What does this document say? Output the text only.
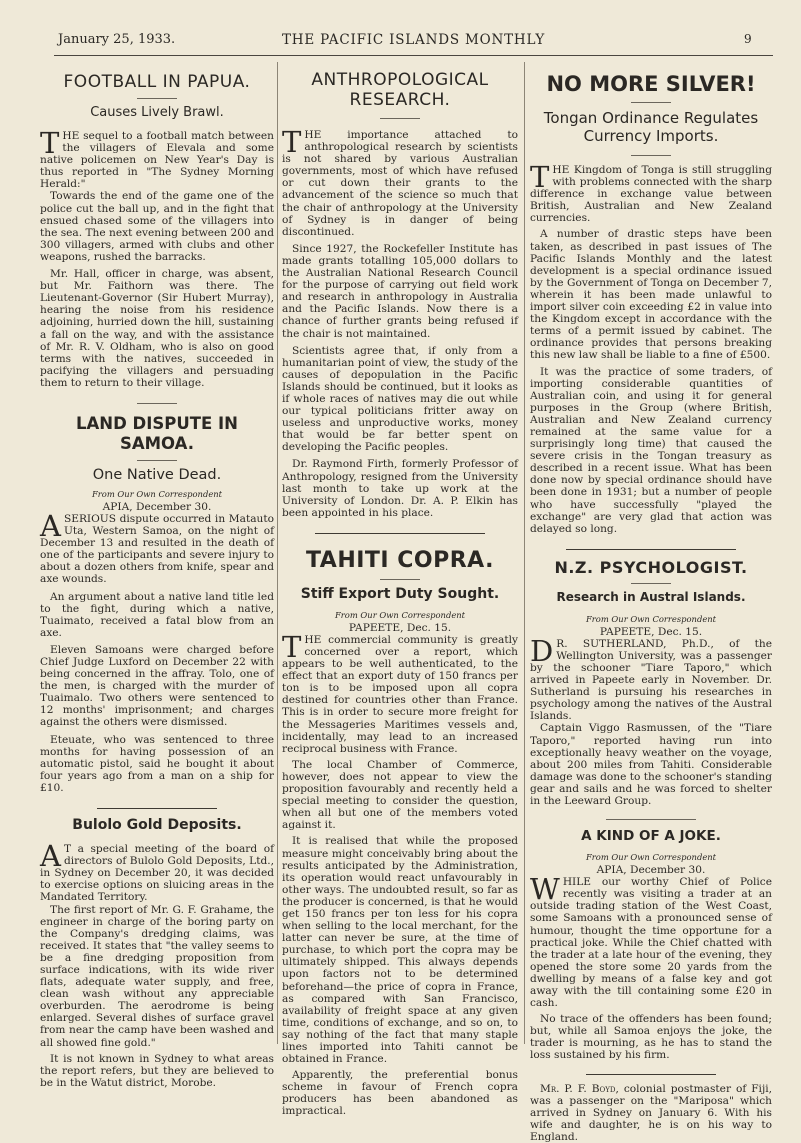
January 25, 1933.	THE PACIFIC ISLANDS MONTHLY	9
FOOTBALL IN PAPUA.
Causes Lively Brawl.

THE sequel to a football match between the villagers of Elevala and some native policemen on New Year's Day is thus reported in "The Sydney Morning Herald:"

Towards the end of the game one of the police cut the ball up, and in the fight that ensued chased some of the villagers into the sea. The next evening between 200 and 300 villagers, armed with clubs and other weapons, rushed the barracks.

Mr. Hall, officer in charge, was absent, but Mr. Faithorn was there. The Lieutenant-Governor (Sir Hubert Murray), hearing the noise from his residence adjoining, hurried down the hill, sustaining a fall on the way, and with the assistance of Mr. R. V. Oldham, who is also on good terms with the natives, succeeded in pacifying the villagers and persuading them to return to their village.

LAND DISPUTE IN SAMOA.
One Native Dead.
From Our Own Correspondent
APIA, December 30.

ASERIOUS dispute occurred in Matauto Uta, Western Samoa, on the night of December 13 and resulted in the death of one of the participants and severe injury to about a dozen others from knife, spear and axe wounds.

An argument about a native land title led to the fight, during which a native, Tuaimato, received a fatal blow from an axe.

Eleven Samoans were charged before Chief Judge Luxford on December 22 with being concerned in the affray. Tolo, one of the men, is charged with the murder of Tuaimalo. Two others were sentenced to 12 months' imprisonment; and charges against the others were dismissed.

Eteuate, who was sentenced to three months for having possession of an automatic pistol, said he bought it about four years ago from a man on a ship for £10.

Bulolo Gold Deposits.

A T a special meeting of the board of directors of Bulolo Gold Deposits, Ltd., in Sydney on December 20, it was decided to exercise options on sluicing areas in the Mandated Territory.

The first report of Mr. G. F. Grahame, the engineer in charge of the boring party on the Company's dredging claims, was received. It states that "the valley seems to be a fine dredging proposition from surface indications, with its wide river flats, adequate water supply, and free, clean wash without any appreciable overburden. The aerodrome is being enlarged. Several dishes of surface gravel from near the camp have been washed and all showed fine gold."

It is not known in Sydney to what areas the report refers, but they are believed to be in the Watut district, Morobe.

ANTHROPOLOGICAL RESEARCH.

THE importance attached to anthropological research by scientists is not shared by various Australian governments, most of which have refused or cut down their grants to the advancement of the science so much that the chair of anthropology at the University of Sydney is in danger of being discontinued.

Since 1927, the Rockefeller Institute has made grants totalling 105,000 dollars to the Australian National Research Council for the purpose of carrying out field work and research in anthropology in Australia and the Pacific Islands. Now there is a chance of further grants being refused if the chair is not maintained.

Scientists agree that, if only from a humanitarian point of view, the study of the causes of depopulation in the Pacific Islands should be continued, but it looks as if whole races of natives may die out while our typical politicians fritter away on useless and unproductive works, money that would be far better spent on developing the Pacific peoples.

Dr. Raymond Firth, formerly Professor of Anthropology, resigned from the University last month to take up work at the University of London. Dr. A. P. Elkin has been appointed in his place.

TAHITI COPRA.
Stiff Export Duty Sought.
From Our Own Correspondent
PAPEETE, Dec. 15.

THE commercial community is greatly concerned over a report, which appears to be well authenticated, to the effect that an export duty of 150 francs per ton is to be imposed upon all copra destined for countries other than France. This is in order to secure more freight for the Messageries Maritimes vessels and, incidentally, may lead to an increased reciprocal business with France.

The local Chamber of Commerce, however, does not appear to view the proposition favourably and recently held a special meeting to consider the question, when all but one of the members voted against it.

It is realised that while the proposed measure might conceivably bring about the results anticipated by the Administration, its operation would react unfavourably in other ways. The undoubted result, so far as the producer is concerned, is that he would get 150 francs per ton less for his copra when selling to the local merchant, for the latter can never be sure, at the time of purchase, to which port the copra may be ultimately shipped. This always depends upon factors not to be determined beforehand—the price of copra in France, as compared with San Francisco, availability of freight space at any given time, conditions of exchange, and so on, to say nothing of the fact that many staple lines imported into Tahiti cannot be obtained in France.

Apparently, the preferential bonus scheme in favour of French copra producers has been abandoned as impractical.

NO MORE SILVER!
Tongan Ordinance Regulates Currency Imports.

THE Kingdom of Tonga is still struggling with problems connected with the sharp difference in exchange value between British, Australian and New Zealand currencies.

A number of drastic steps have been taken, as described in past issues of The Pacific Islands Monthly and the latest development is a special ordinance issued by the Government of Tonga on December 7, wherein it has been made unlawful to import silver coin exceeding £2 in value into the Kingdom except in accordance with the terms of a permit issued by cabinet. The ordinance provides that persons breaking this new law shall be liable to a fine of £500.

It was the practice of some traders, of importing considerable quantities of Australian coin, and using it for general purposes in the Group (where British, Australian and New Zealand currency remained at the same value for a surprisingly long time) that caused the severe crisis in the Tongan treasury as described in a recent issue. What has been done now by special ordinance should have been done in 1931; but a number of people who have successfully "played the exchange" are very glad that action was delayed so long.

N.Z. PSYCHOLOGIST.
Research in Austral Islands.
From Our Own Correspondent
PAPEETE, Dec. 15.

D R. SUTHERLAND, Ph.D., of the Wellington University, was a passenger by the schooner "Tiare Taporo," which arrived in Papeete early in November. Dr. Sutherland is pursuing his researches in psychology among the natives of the Austral Islands.

Captain Viggo Rasmussen, of the "Tiare Taporo," reported having run into exceptionally heavy weather on the voyage, about 200 miles from Tahiti. Considerable damage was done to the schooner's standing gear and sails and he was forced to shelter in the Leeward Group.

A KIND OF A JOKE.
From Our Own Correspondent
APIA, December 30.

WHILE our worthy Chief of Police recently was visiting a trader at an outside trading station of the West Coast, some Samoans with a pronounced sense of humour, thought the time opportune for a practical joke. While the Chief chatted with the trader at a late hour of the evening, they opened the store some 20 yards from the dwelling by means of a false key and got away with the till containing some £20 in cash.

No trace of the offenders has been found; but, while all Samoa enjoys the joke, the trader is mourning, as he has to stand the loss sustained by his firm.

Mr. P. F. Boyd, colonial postmaster of Fiji, was a passenger on the "Mariposa" which arrived in Sydney on January 6. With his wife and daughter, he is on his way to England.
